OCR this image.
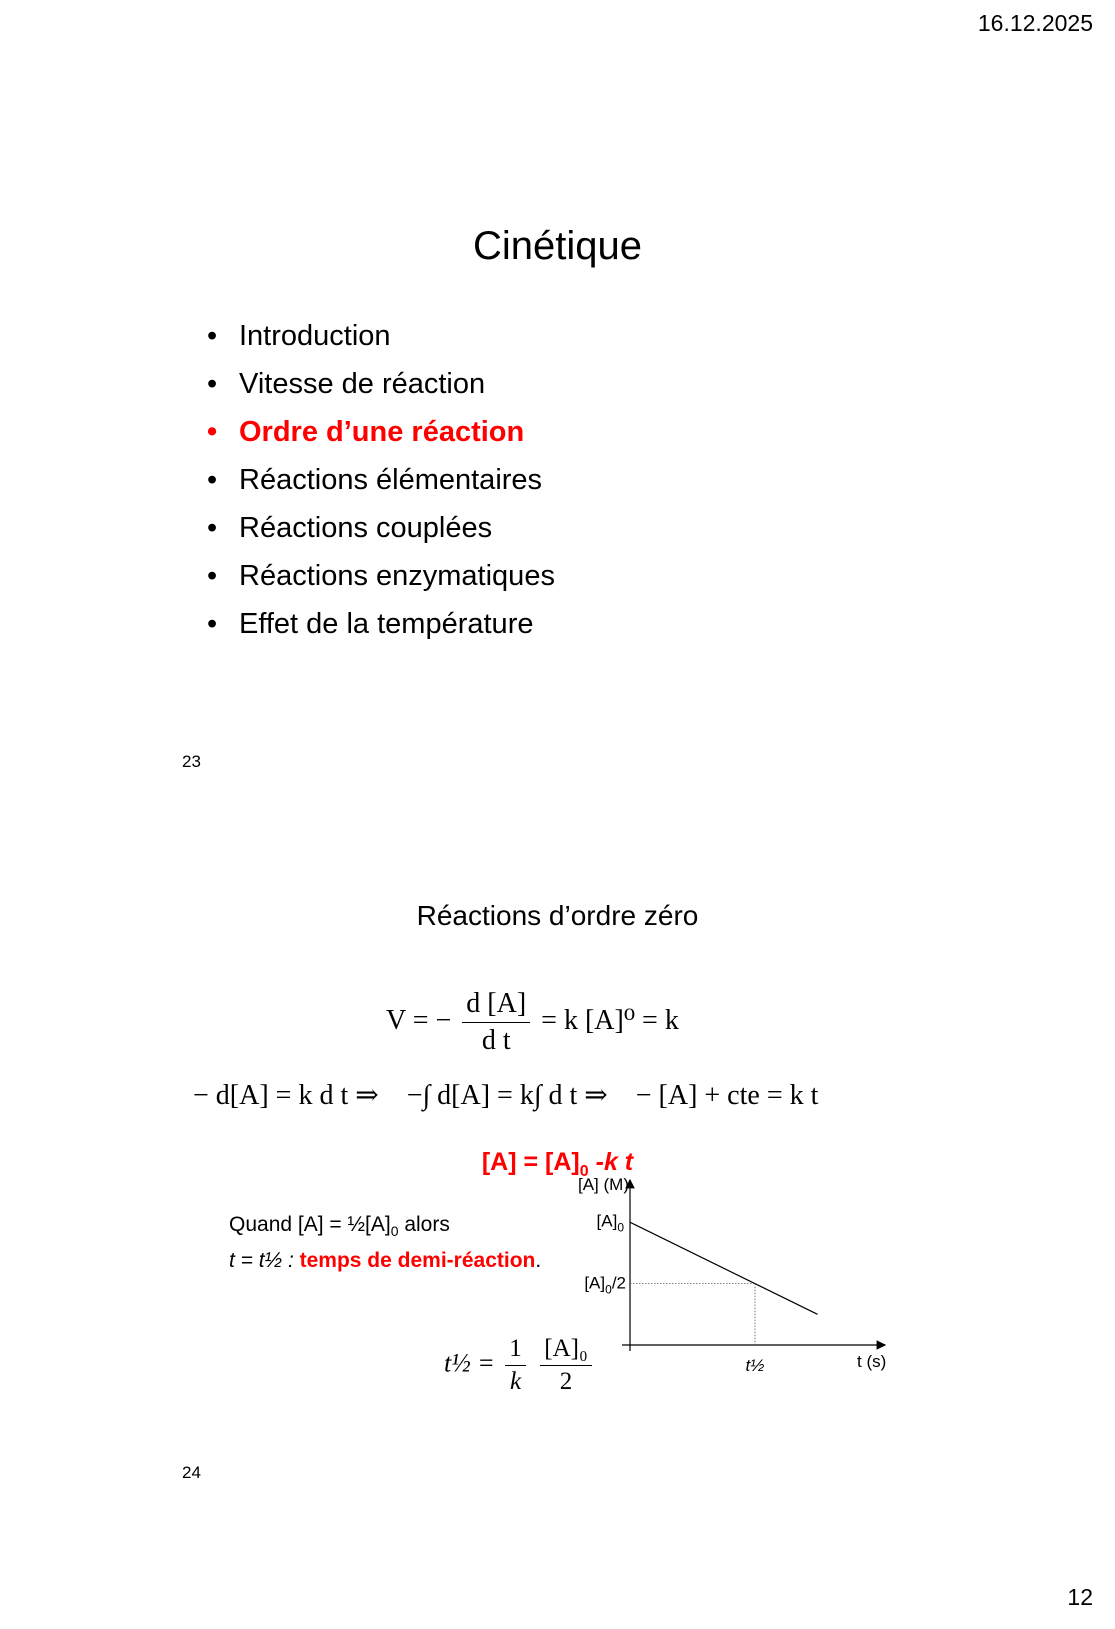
16.12.2025
Cinétique
• Introduction
• Vitesse de réaction
• Ordre d’une réaction
• Réactions élémentaires
• Réactions couplées
• Réactions enzymatiques
• Effet de la température
23
Réactions d’ordre zéro
V = − $\frac{d [A]}{\text{d t}} = k$ [A]⁰ = k
− d[A] = k d t ⇒ −∫ d[A] = k∫ d t ⇒ − [A] + cte = k t
$[A] = [A]_0$ -k t
Quand $[A] = \frac{1}{2}[A]_0$ alors
t = t½ : temps de demi-réaction.
t½ = $\frac{1}{k}$
$\frac{\text{[A]₀}}{2}$
[A] (M)
$[A]_0$
$[A]_0/2$
t½	t (s)
24
12
